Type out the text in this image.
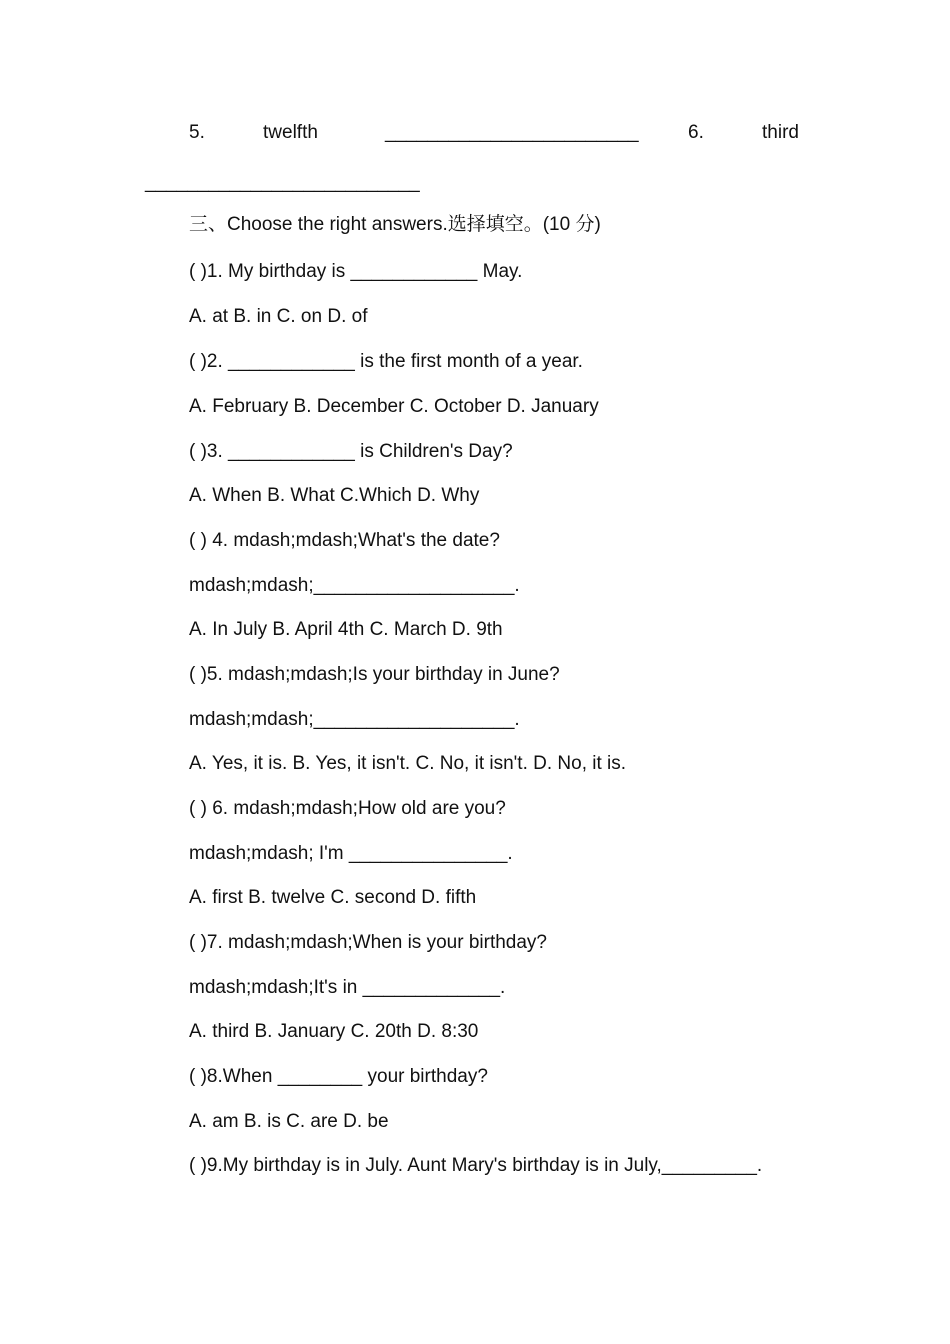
5.	twelfth	________________________	6.	third
__________________________
三、Choose the right answers.选择填空。(10 分)
( )1. My birthday is ____________ May.
A. at B. in C. on D. of
( )2. ____________ is the first month of a year.
A. February B. December C. October D. January
( )3. ____________ is Children's Day?
A. When B. What C.Which D. Why
( ) 4. mdash;mdash;What's the date?
mdash;mdash;___________________.
A. In July B. April 4th C. March D. 9th
( )5. mdash;mdash;Is your birthday in June?
mdash;mdash;___________________.
A. Yes, it is. B. Yes, it isn't. C. No, it isn't. D. No, it is.
( ) 6. mdash;mdash;How old are you?
mdash;mdash; I'm _______________.
A. first B. twelve C. second D. fifth
( )7. mdash;mdash;When is your birthday?
mdash;mdash;It's in _____________.
A. third B. January C. 20th D. 8:30
( )8.When ________ your birthday?
A. am B. is C. are D. be
( )9.My birthday is in July. Aunt Mary's birthday is in July,_________.
